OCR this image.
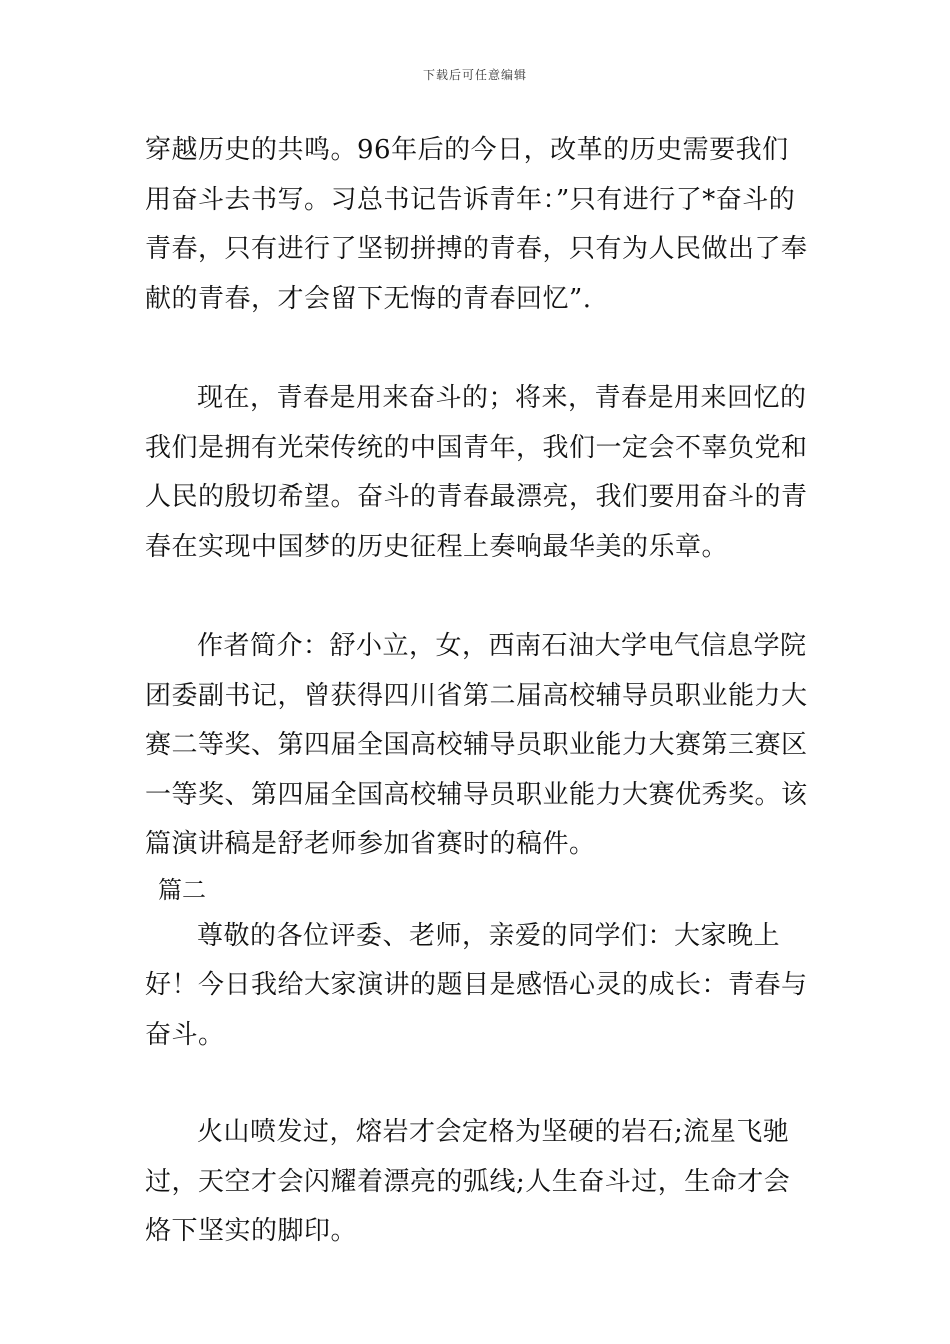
下载后可任意编辑

穿越历史的共鸣。96年后的今日，改革的历史需要我们用奋斗去书写。习总书记告诉青年：”只有进行了*奋斗的青春，只有进行了坚韧拼搏的青春，只有为人民做出了奉献的青春，才会留下无悔的青春回忆”.

现在，青春是用来奋斗的；将来，青春是用来回忆的我们是拥有光荣传统的中国青年，我们一定会不辜负党和人民的殷切希望。奋斗的青春最漂亮，我们要用奋斗的青春在实现中国梦的历史征程上奏响最华美的乐章。

作者简介：舒小立，女，西南石油大学电气信息学院团委副书记，曾获得四川省第二届高校辅导员职业能力大赛二等奖、第四届全国高校辅导员职业能力大赛第三赛区一等奖、第四届全国高校辅导员职业能力大赛优秀奖。该篇演讲稿是舒老师参加省赛时的稿件。

篇二

尊敬的各位评委、老师，亲爱的同学们：大家晚上好！今日我给大家演讲的题目是感悟心灵的成长：青春与奋斗。

火山喷发过，熔岩才会定格为坚硬的岩石;流星飞驰过，天空才会闪耀着漂亮的弧线;人生奋斗过，生命才会烙下坚实的脚印。
